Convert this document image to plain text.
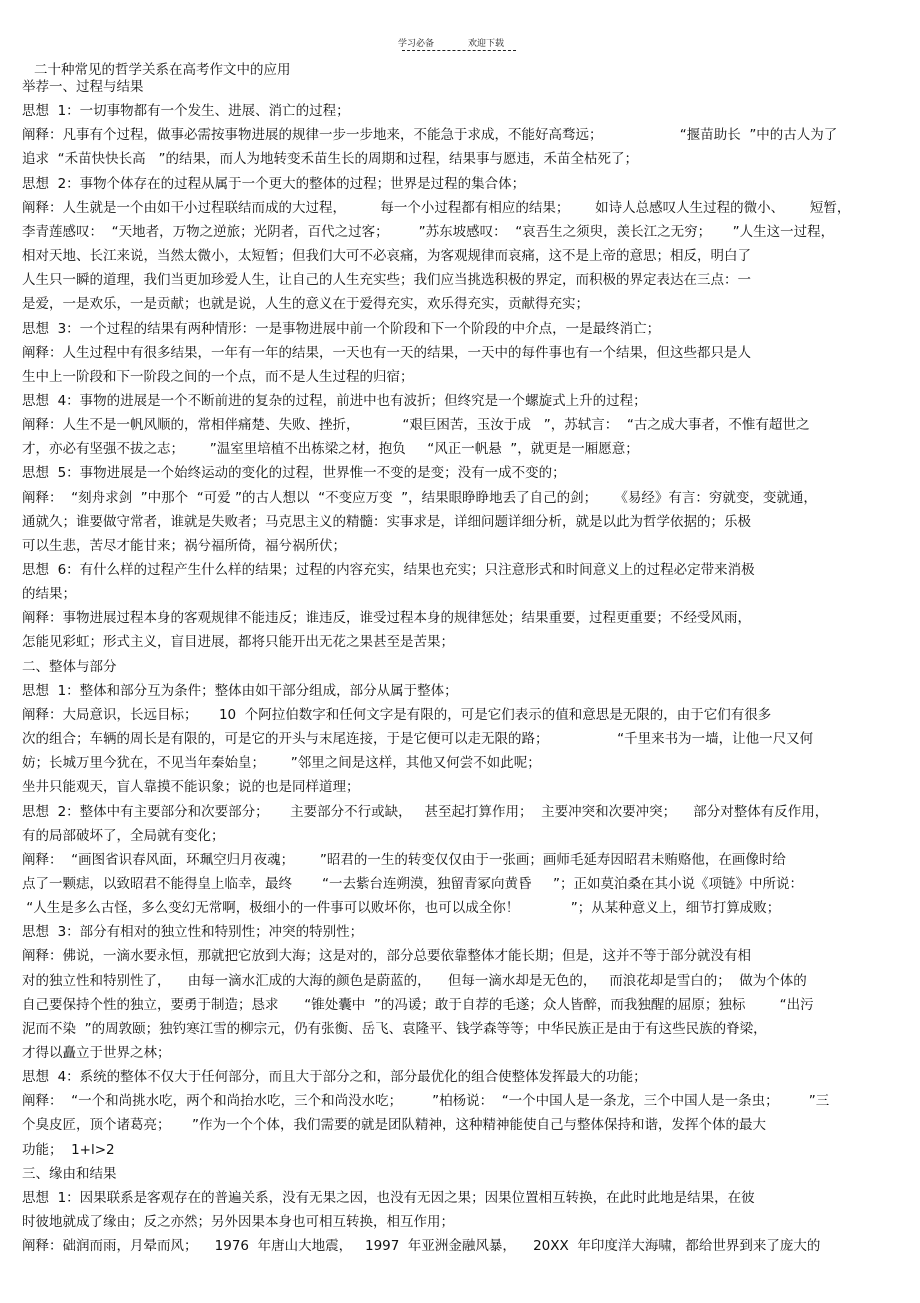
学习必备	欢迎下载
二十种常见的哲学关系在高考作文中的应用
举荐一、过程与结果
思想  1：一切事物都有一个发生、进展、消亡的过程；
阐释：凡事有个过程，做事必需按事物进展的规律一步一步地来，不能急于求成，不能好高骛远；                  “揠苗助长  ”中的古人为了
追求  “禾苗快快长高   ”的结果，而人为地转变禾苗生长的周期和过程，结果事与愿违，禾苗全枯死了；
思想  2：事物个体存在的过程从属于一个更大的整体的过程；世界是过程的集合体；
阐释：人生就是一个由如干小过程联结而成的大过程，        每一个小过程都有相应的结果；      如诗人总感叹人生过程的微小、      短暂，
李青莲感叹：  “天地者，万物之逆旅；光阴者，百代之过客；       ”苏东坡感叹：  “哀吾生之须臾，羡长江之无穷；     ”人生这一过程，
相对天地、长江来说，当然太微小，太短暂；但我们大可不必哀痛，为客观规律而哀痛，这不是上帝的意思；相反，明白了
人生只一瞬的道理，我们当更加珍爱人生，让自己的人生充实些；我们应当挑选积极的界定，而积极的界定表达在三点：一
是爱，一是欢乐，一是贡献；也就是说，人生的意义在于爱得充实，欢乐得充实，贡献得充实；
思想  3：一个过程的结果有两种情形：一是事物进展中前一个阶段和下一个阶段的中介点，一是最终消亡；
阐释：人生过程中有很多结果，一年有一年的结果，一天也有一天的结果，一天中的每件事也有一个结果，但这些都只是人
生中上一阶段和下一阶段之间的一个点，而不是人生过程的归宿；
思想  4：事物的进展是一个不断前进的复杂的过程，前进中也有波折；但终究是一个螺旋式上升的过程；
阐释：人生不是一帆风顺的，常相伴痛楚、失败、挫折，          “艰巨困苦，玉汝于成   ”，苏轼言：  “古之成大事者，不惟有超世之
才，亦必有坚强不拔之志；      ”温室里培植不出栋梁之材，抱负     “风正一帆悬  ”，就更是一厢愿意；
思想  5：事物进展是一个始终运动的变化的过程，世界惟一不变的是变；没有一成不变的；
阐释：  “刻舟求剑  ”中那个  “可爱 ”的古人想以  “不变应万变  ”，结果眼睁睁地丢了自己的剑；    《易经》有言：穷就变，变就通，
通就久；谁要做守常者，谁就是失败者；马克思主义的精髓：实事求是，详细问题详细分析，就是以此为哲学依据的；乐极
可以生悲，苦尽才能甘来；祸兮福所倚，福兮祸所伏；
思想  6：有什么样的过程产生什么样的结果；过程的内容充实，结果也充实；只注意形式和时间意义上的过程必定带来消极
的结果；
阐释：事物进展过程本身的客观规律不能违反；谁违反，谁受过程本身的规律惩处；结果重要，过程更重要；不经受风雨，
怎能见彩虹；形式主义，盲目进展，都将只能开出无花之果甚至是苦果；
二、整体与部分
思想  1：整体和部分互为条件；整体由如干部分组成，部分从属于整体；
阐释：大局意识，长远目标；     10  个阿拉伯数字和任何文字是有限的，可是它们表示的值和意思是无限的，由于它们有很多
次的组合；车辆的周长是有限的，可是它的开头与末尾连接，于是它便可以走无限的路；                “千里来书为一墙，让他一尺又何
妨；长城万里今犹在，不见当年秦始皇；      ”邻里之间是这样，其他又何尝不如此呢；
坐井只能观天，盲人靠摸不能识象；说的也是同样道理；
思想  2：整体中有主要部分和次要部分；     主要部分不行或缺，   甚至起打算作用；  主要冲突和次要冲突；    部分对整体有反作用，
有的局部破坏了，全局就有变化；
阐释：  “画图省识春风面，环珮空归月夜魂；      ”昭君的一生的转变仅仅由于一张画；画师毛延寿因昭君未贿赂他，在画像时给
点了一颗痣，以致昭君不能得皇上临幸，最终       “一去紫台连朔漠，独留青冢向黄昏     ”；正如莫泊桑在其小说《项链》中所说：
“人生是多么古怪，多么变幻无常啊，极细小的一件事可以败坏你，也可以成全你！            ”；从某种意义上，细节打算成败；
思想  3：部分有相对的独立性和特别性；冲突的特别性；
阐释：佛说，一滴水要永恒，那就把它放到大海；这是对的，部分总要依靠整体才能长期；但是，这并不等于部分就没有相
对的独立性和特别性了，    由每一滴水汇成的大海的颜色是蔚蓝的，    但每一滴水却是无色的，   而浪花却是雪白的；  做为个体的
自己要保持个性的独立，要勇于制造；恳求      “锥处囊中  ”的冯谖；敢于自荐的毛遂；众人皆醉，而我独醒的屈原；独标        “出污
泥而不染  ”的周敦颐；独钓寒江雪的柳宗元，仍有张衡、岳飞、袁隆平、钱学森等等；中华民族正是由于有这些民族的脊梁，
才得以矗立于世界之林；
思想  4：系统的整体不仅大于任何部分，而且大于部分之和，部分最优化的组合使整体发挥最大的功能；
阐释：  “一个和尚挑水吃，两个和尚抬水吃，三个和尚没水吃；       ”柏杨说：  “一个中国人是一条龙，三个中国人是一条虫；       ”三
个臭皮匠，顶个诸葛亮；     ”作为一个个体，我们需要的就是团队精神，这种精神能使自己与整体保持和谐，发挥个体的最大
功能；  1+l>2
三、缘由和结果
思想  1：因果联系是客观存在的普遍关系，没有无果之因，也没有无因之果；因果位置相互转换，在此时此地是结果，在彼
时彼地就成了缘由；反之亦然；另外因果本身也可相互转换，相互作用；
阐释：础润而雨，月晕而风；    1976  年唐山大地震，   1997  年亚洲金融风暴，    20XX  年印度洋大海啸，都给世界到来了庞大的
